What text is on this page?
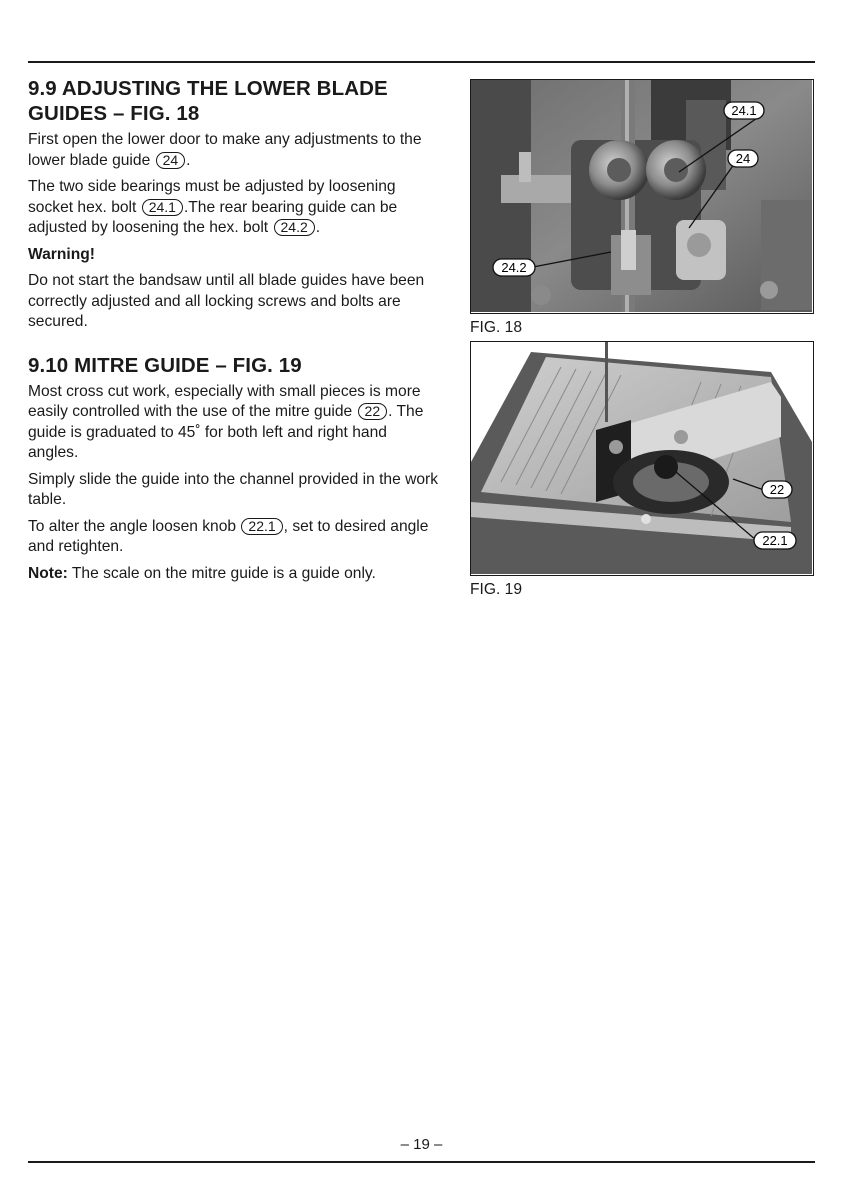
9.9 ADJUSTING THE LOWER BLADE GUIDES – FIG. 18

First open the lower door to make any adjustments to the lower blade guide 24 .

The two side bearings must be adjusted by loosening socket hex. bolt 24.1 .The rear bearing guide can be adjusted by loosening the hex. bolt 24.2 .

Warning!

Do not start the bandsaw until all blade guides have been correctly adjusted and all locking screws and bolts are secured.

9.10 MITRE GUIDE – FIG. 19

Most cross cut work, especially with small pieces is more easily controlled with the use of the mitre guide 22 . The guide is graduated to 45˚ for both left and right hand angles.

Simply slide the guide into the channel provided in the work table.

To alter the angle loosen knob 22.1 , set to desired angle and retighten.

Note: The scale on the mitre guide is a guide only.

24.1
24
24.2
FIG. 18
22
22.1
FIG. 19
– 19 –
